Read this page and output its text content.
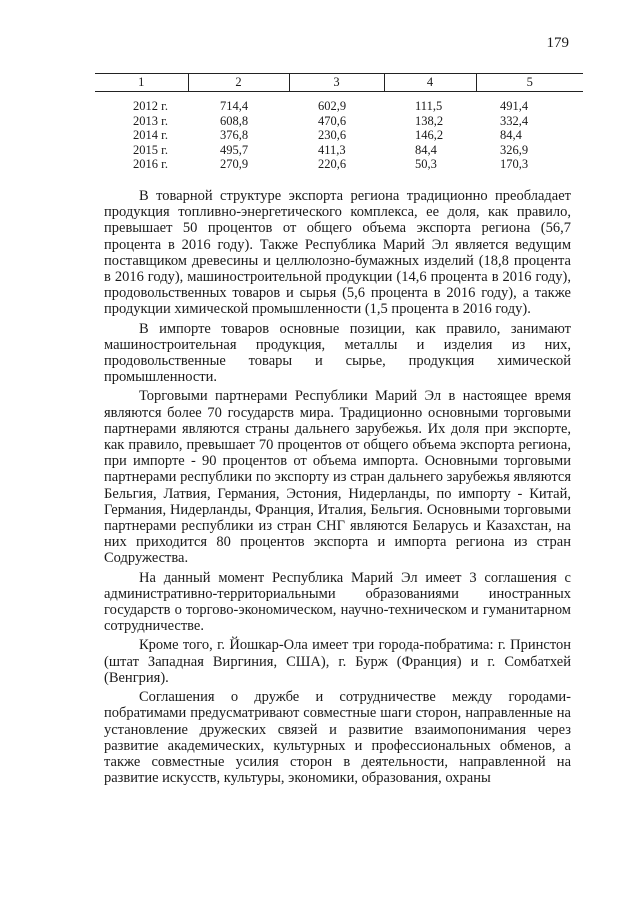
179
1	2	3	4	5
2012 г.	714,4	602,9	111,5	491,4
2013 г.	608,8	470,6	138,2	332,4
2014 г.	376,8	230,6	146,2	84,4
2015 г.	495,7	411,3	84,4	326,9
2016 г.	270,9	220,6	50,3	170,3

В товарной структуре экспорта региона традиционно преобладает продукция топливно-энергетического комплекса, ее доля, как правило, превышает 50 процентов от общего объема экспорта региона (56,7 процента в 2016 году). Также Республика Марий Эл является ведущим поставщиком древесины и целлюлозно-бумажных изделий (18,8 процента в 2016 году), машиностроительной продукции (14,6 процента в 2016 году), продовольственных товаров и сырья (5,6 процента в 2016 году), а также продукции химической промышленности (1,5 процента в 2016 году).

В импорте товаров основные позиции, как правило, занимают машиностроительная продукция, металлы и изделия из них, продовольственные товары и сырье, продукция химической промышленности.

Торговыми партнерами Республики Марий Эл в настоящее время являются более 70 государств мира. Традиционно основными торговыми партнерами являются страны дальнего зарубежья. Их доля при экспорте, как правило, превышает 70 процентов от общего объема экспорта региона, при импорте - 90 процентов от объема импорта. Основными торговыми партнерами республики по экспорту из стран дальнего зарубежья являются Бельгия, Латвия, Германия, Эстония, Нидерланды, по импорту - Китай, Германия, Нидерланды, Франция, Италия, Бельгия. Основными торговыми партнерами республики из стран СНГ являются Беларусь и Казахстан, на них приходится 80 процентов экспорта и импорта региона из стран Содружества.

На данный момент Республика Марий Эл имеет 3 соглашения с административно-территориальными образованиями иностранных государств о торгово-экономическом, научно-техническом и гуманитарном сотрудничестве.

Кроме того, г. Йошкар-Ола имеет три города-побратима: г. Принстон (штат Западная Виргиния, США), г. Бурж (Франция) и г. Сомбатхей (Венгрия).

Соглашения о дружбе и сотрудничестве между городами-побратимами предусматривают совместные шаги сторон, направленные на установление дружеских связей и развитие взаимопонимания через развитие академических, культурных и профессиональных обменов, а также совместные усилия сторон в деятельности, направленной на развитие искусств, культуры, экономики, образования, охраны
